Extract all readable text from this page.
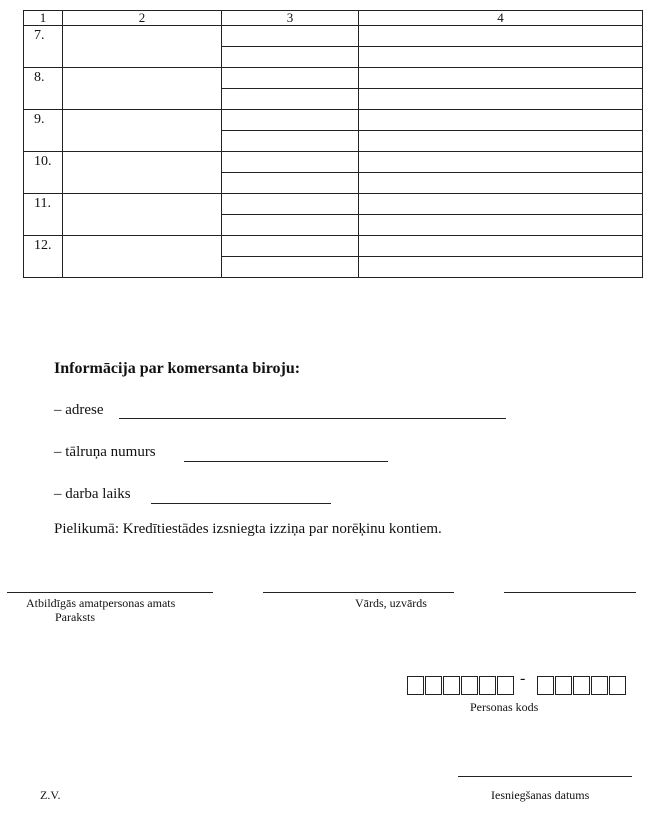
1	2	3	4
7.			

8.			

9.			

10.			

11.			

12.			

Informācija par komersanta biroju:
– adrese
– tālruņa numurs
– darba laiks
Pielikumā: Kredītiestādes izsniegta izziņa par norēķinu kontiem.
Atbildīgās amatpersonas amats
Paraksts
Vārds, uzvārds
-
Personas kods
Z.V.	Iesniegšanas datums
